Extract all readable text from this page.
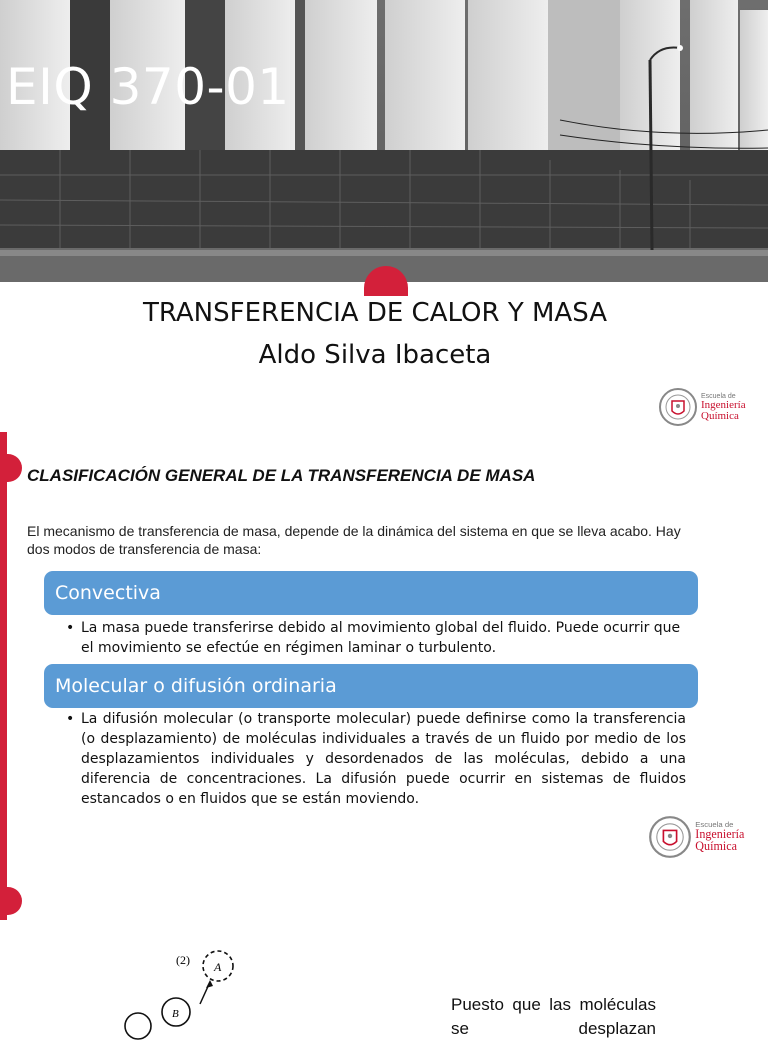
EIQ 370-01
TRANSFERENCIA DE CALOR Y MASA
Aldo Silva Ibaceta
Escuela de
Ingeniería
Química
CLASIFICACIÓN GENERAL DE LA TRANSFERENCIA DE MASA
El mecanismo de transferencia de masa, depende de la dinámica del sistema en que se lleva acabo. Hay dos modos de transferencia de masa:
Convectiva
• La masa puede transferirse debido al movimiento global del fluido. Puede ocurrir que el movimiento se efectúe en régimen laminar o turbulento.
Molecular o difusión ordinaria
• La difusión molecular (o transporte molecular) puede definirse como la transferencia (o desplazamiento) de moléculas individuales a través de un fluido por medio de los desplazamientos individuales y desordenados de las moléculas, debido a una diferencia de concentraciones. La difusión puede ocurrir en sistemas de fluidos estancados o en fluidos que se están moviendo.
Escuela de
Ingeniería
Química
(2) A
B	Puesto que las moléculas se desplazan
